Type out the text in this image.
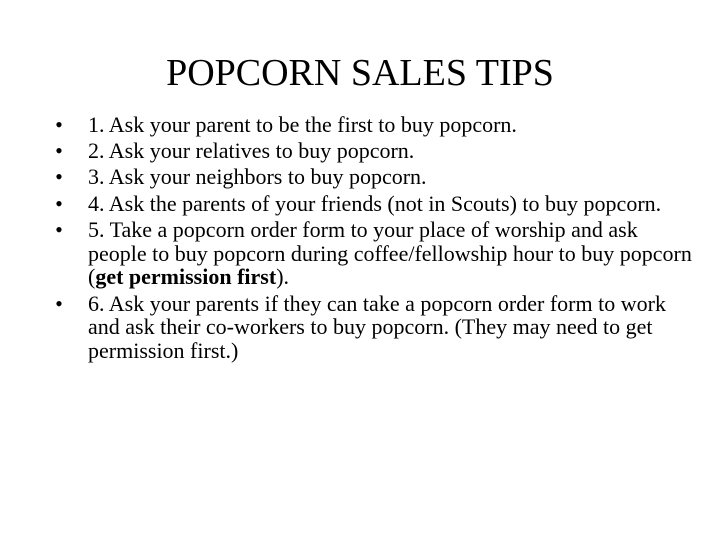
POPCORN SALES TIPS
• 1. Ask your parent to be the first to buy popcorn.
• 2. Ask your relatives to buy popcorn.
• 3. Ask your neighbors to buy popcorn.
• 4. Ask the parents of your friends (not in Scouts) to buy popcorn.
• 5. Take a popcorn order form to your place of worship and ask people to buy popcorn during coffee/fellowship hour to buy popcorn (get permission first).
• 6. Ask your parents if they can take a popcorn order form to work and ask their co-workers to buy popcorn. (They may need to get permission first.)
